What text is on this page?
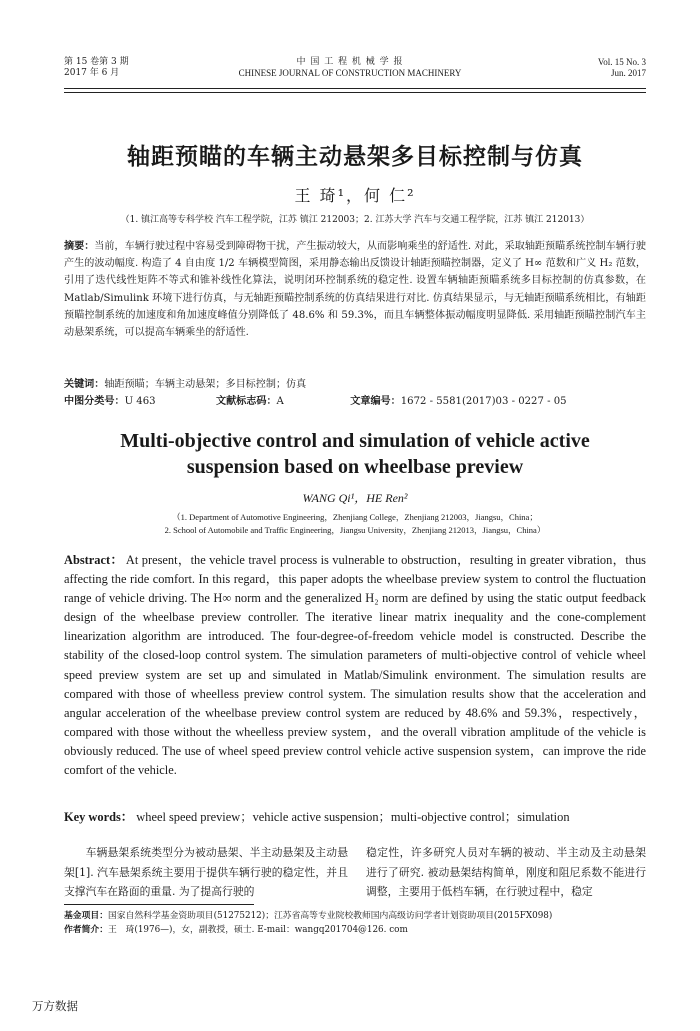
第 15 卷第 3 期
2017 年 6 月
中 国 工 程 机 械 学 报
CHINESE JOURNAL OF CONSTRUCTION MACHINERY
Vol. 15 No. 3
Jun. 2017
轴距预瞄的车辆主动悬架多目标控制与仿真
王 琦¹，何 仁²
（1. 镇江高等专科学校 汽车工程学院，江苏 镇江 212003；2. 江苏大学 汽车与交通工程学院，江苏 镇江 212013）
摘要：当前，车辆行驶过程中容易受到障碍物干扰，产生振动较大，从而影响乘坐的舒适性. 对此，采取轴距预瞄系统控制车辆行驶产生的波动幅度. 构造了 4 自由度 1/2 车辆模型简图，采用静态输出反馈设计轴距预瞄控制器，定义了 H∞ 范数和广义 H₂ 范数，引用了迭代线性矩阵不等式和锥补线性化算法，说明闭环控制系统的稳定性. 设置车辆轴距预瞄系统多目标控制的仿真参数，在 Matlab/Simulink 环境下进行仿真，与无轴距预瞄控制系统的仿真结果进行对比. 仿真结果显示，与无轴距预瞄系统相比，有轴距预瞄控制系统的加速度和角加速度峰值分别降低了 48.6% 和 59.3%，而且车辆整体振动幅度明显降低. 采用轴距预瞄控制汽车主动悬架系统，可以提高车辆乘坐的舒适性.
关键词：轴距预瞄；车辆主动悬架；多目标控制；仿真
中图分类号：U 463	文献标志码：A	文章编号：1672 - 5581(2017)03 - 0227 - 05
Multi-objective control and simulation of vehicle active
suspension based on wheelbase preview
WANG Qi¹，HE Ren²
（1. Department of Automotive Engineering，Zhenjiang College，Zhenjiang 212003，Jiangsu，China；
2. School of Automobile and Traffic Engineering，Jiangsu University，Zhenjiang 212013，Jiangsu，China）
Abstract： At present，the vehicle travel process is vulnerable to obstruction，resulting in greater vibration，thus affecting the ride comfort. In this regard，this paper adopts the wheelbase preview system to control the fluctuation range of vehicle driving. The H∞ norm and the generalized H₂ norm are defined by using the static output feedback design of the wheelbase preview controller. The iterative linear matrix inequality and the cone-complement linearization algorithm are introduced. The four-degree-of-freedom vehicle model is constructed. Describe the stability of the closed-loop control system. The simulation parameters of multi-objective control of vehicle wheel speed preview system are set up and simulated in Matlab/Simulink environment. The simulation results are compared with those of wheelless preview control system. The simulation results show that the acceleration and angular acceleration of the wheelbase preview control system are reduced by 48.6% and 59.3%，respectively，compared with those without the wheelless preview system，and the overall vibration amplitude of the vehicle is obviously reduced. The use of wheel speed preview control vehicle active suspension system，can improve the ride comfort of the vehicle.
Key words： wheel speed preview；vehicle active suspension；multi-objective control；simulation
车辆悬架系统类型分为被动悬架、半主动悬架及主动悬架[1]. 汽车悬架系统主要用于提供车辆行驶的稳定性，并且支撑汽车在路面的重量. 为了提高行驶的
稳定性，许多研究人员对车辆的被动、半主动及主动悬架进行了研究. 被动悬架结构简单，刚度和阻尼系数不能进行调整，主要用于低档车辆，在行驶过程中，稳定
基金项目：国家自然科学基金资助项目(51275212)；江苏省高等专业院校教师国内高级访问学者计划资助项目(2015FX098)
作者简介：王　琦(1976—)，女，副教授，硕士. E-mail：wangq201704@126. com
万方数据
